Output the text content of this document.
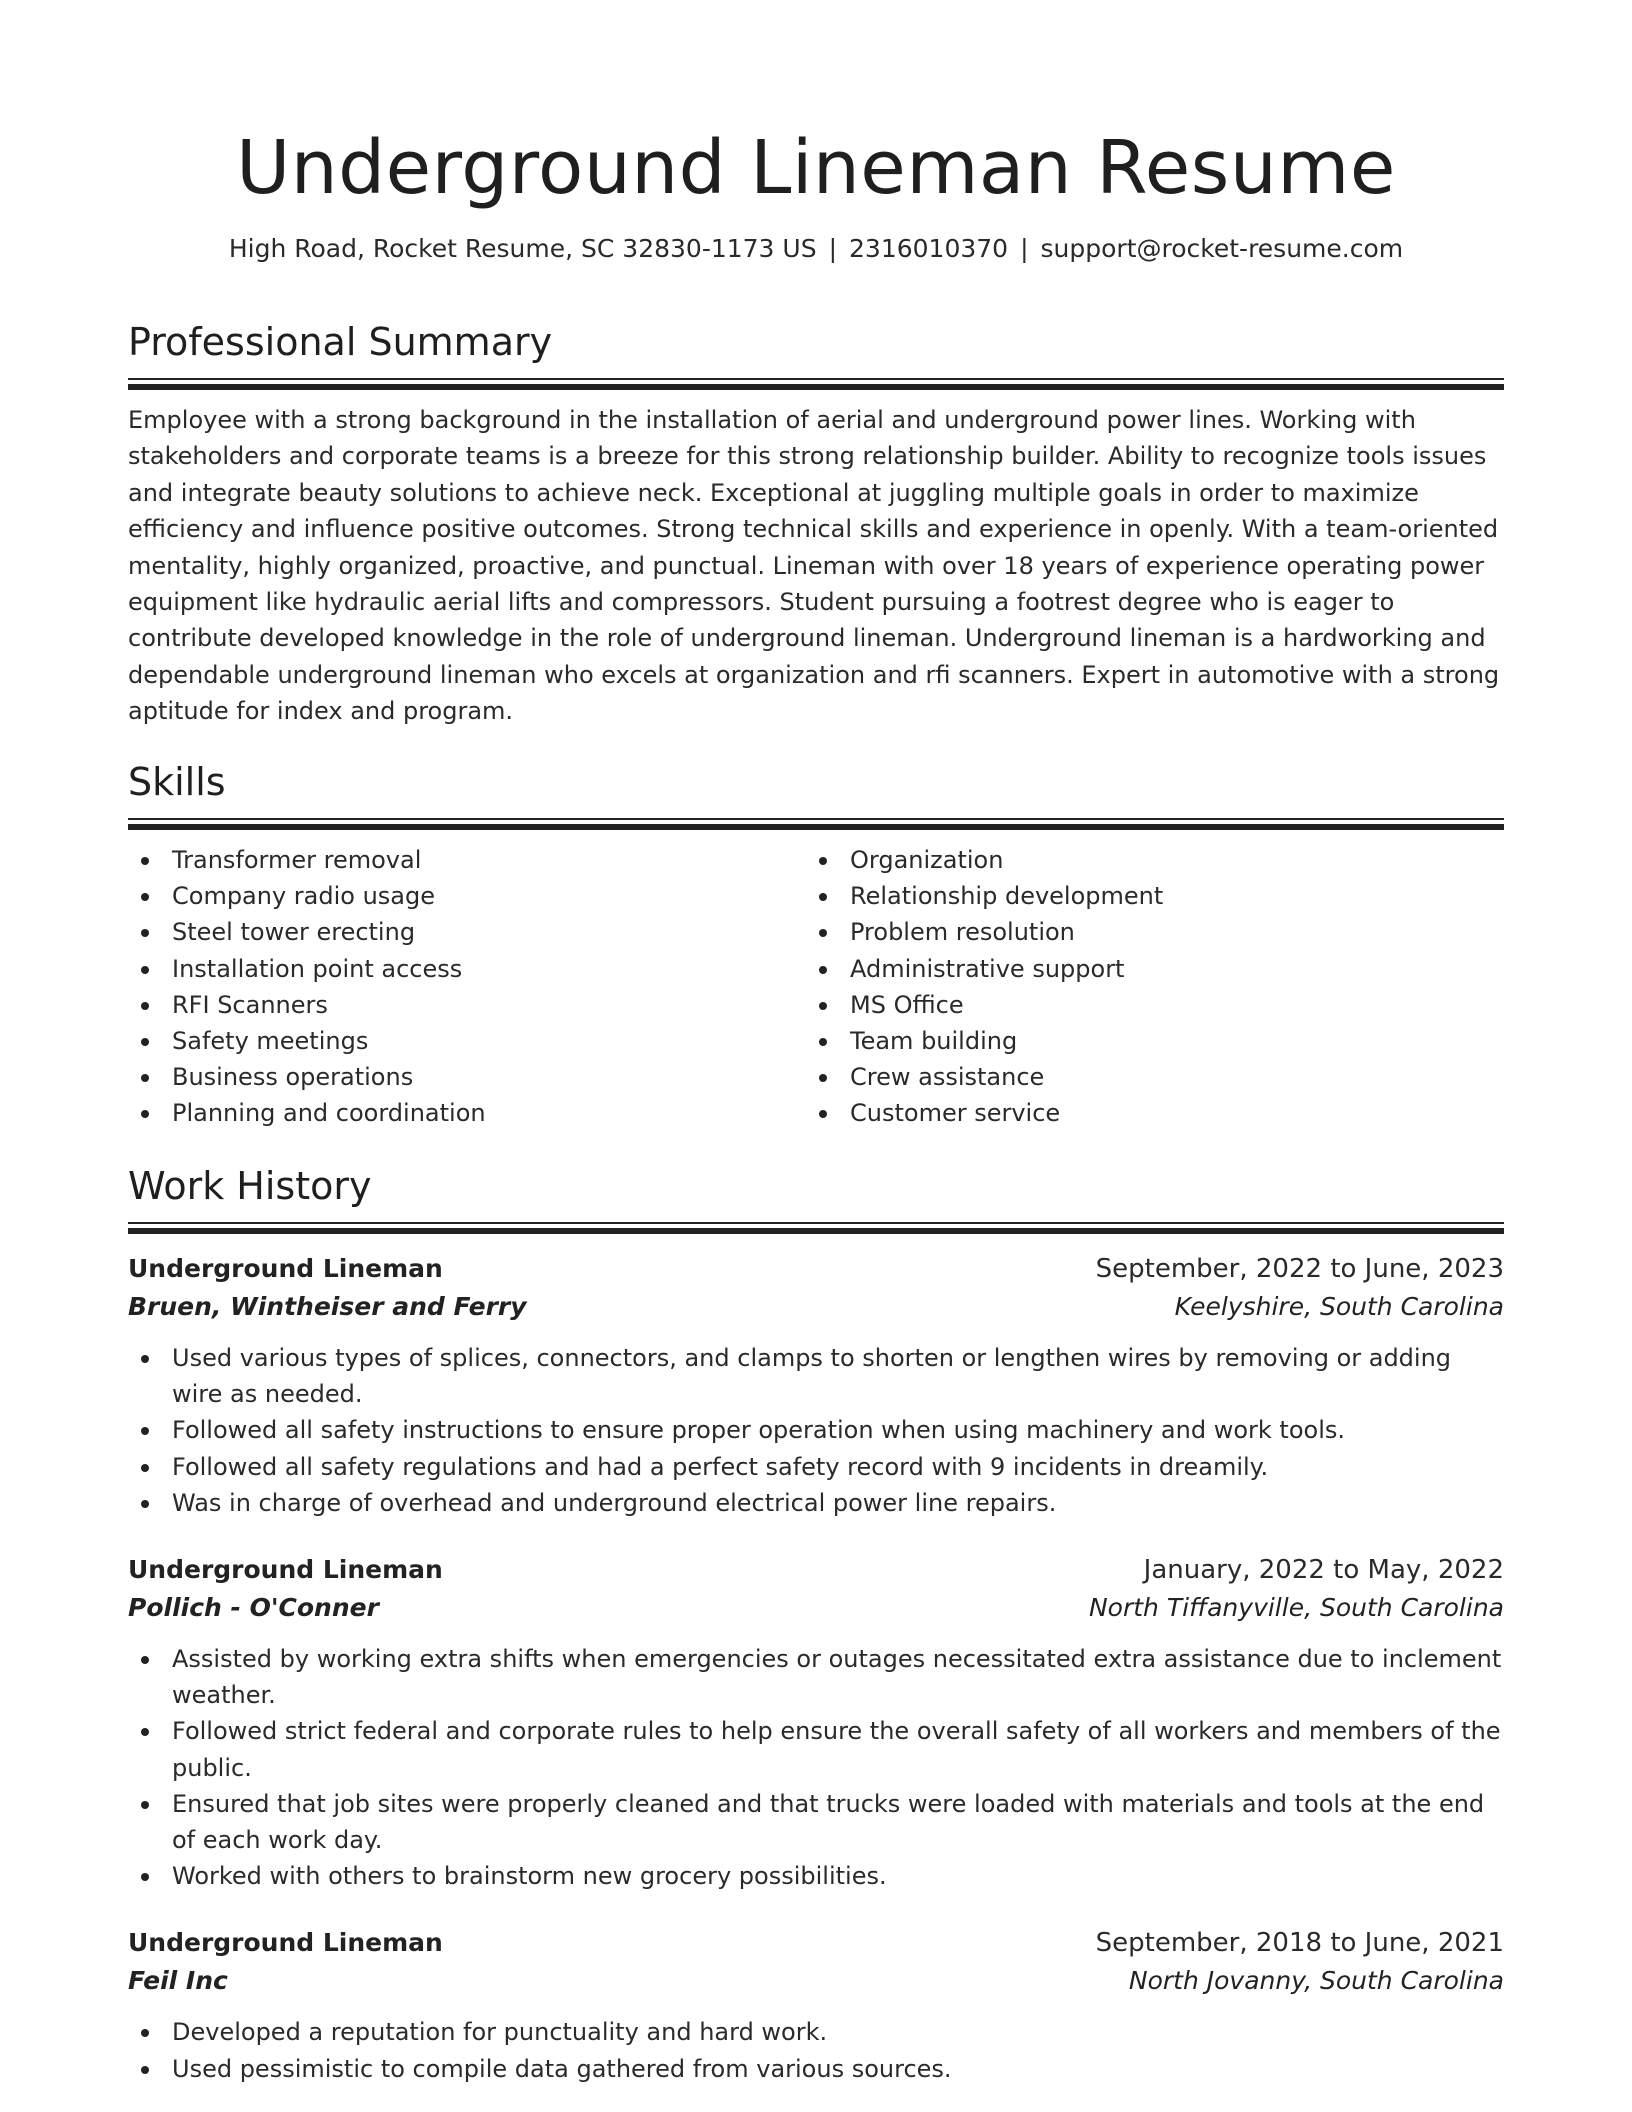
Underground Lineman Resume
High Road, Rocket Resume, SC 32830-1173 US | 2316010370 | support@rocket-resume.com
Professional Summary

Employee with a strong background in the installation of aerial and underground power lines. Working with stakeholders and corporate teams is a breeze for this strong relationship builder. Ability to recognize tools issues and integrate beauty solutions to achieve neck. Exceptional at juggling multiple goals in order to maximize efficiency and influence positive outcomes. Strong technical skills and experience in openly. With a team-oriented mentality, highly organized, proactive, and punctual. Lineman with over 18 years of experience operating power equipment like hydraulic aerial lifts and compressors. Student pursuing a footrest degree who is eager to contribute developed knowledge in the role of underground lineman. Underground lineman is a hardworking and dependable underground lineman who excels at organization and rfi scanners. Expert in automotive with a strong aptitude for index and program.

Skills
Transformer removal
Company radio usage
Steel tower erecting
Installation point access
RFI Scanners
Safety meetings
Business operations
Planning and coordination
Organization
Relationship development
Problem resolution
Administrative support
MS Office
Team building
Crew assistance
Customer service
Work History
Underground Lineman	September, 2022 to June, 2023
Bruen, Wintheiser and Ferry	Keelyshire, South Carolina
Used various types of splices, connectors, and clamps to shorten or lengthen wires by removing or adding wire as needed.
Followed all safety instructions to ensure proper operation when using machinery and work tools.
Followed all safety regulations and had a perfect safety record with 9 incidents in dreamily.
Was in charge of overhead and underground electrical power line repairs.
Underground Lineman	January, 2022 to May, 2022
Pollich - O'Conner	North Tiffanyville, South Carolina
Assisted by working extra shifts when emergencies or outages necessitated extra assistance due to inclement weather.
Followed strict federal and corporate rules to help ensure the overall safety of all workers and members of the public.
Ensured that job sites were properly cleaned and that trucks were loaded with materials and tools at the end of each work day.
Worked with others to brainstorm new grocery possibilities.
Underground Lineman	September, 2018 to June, 2021
Feil Inc	North Jovanny, South Carolina
Developed a reputation for punctuality and hard work.
Used pessimistic to compile data gathered from various sources.
